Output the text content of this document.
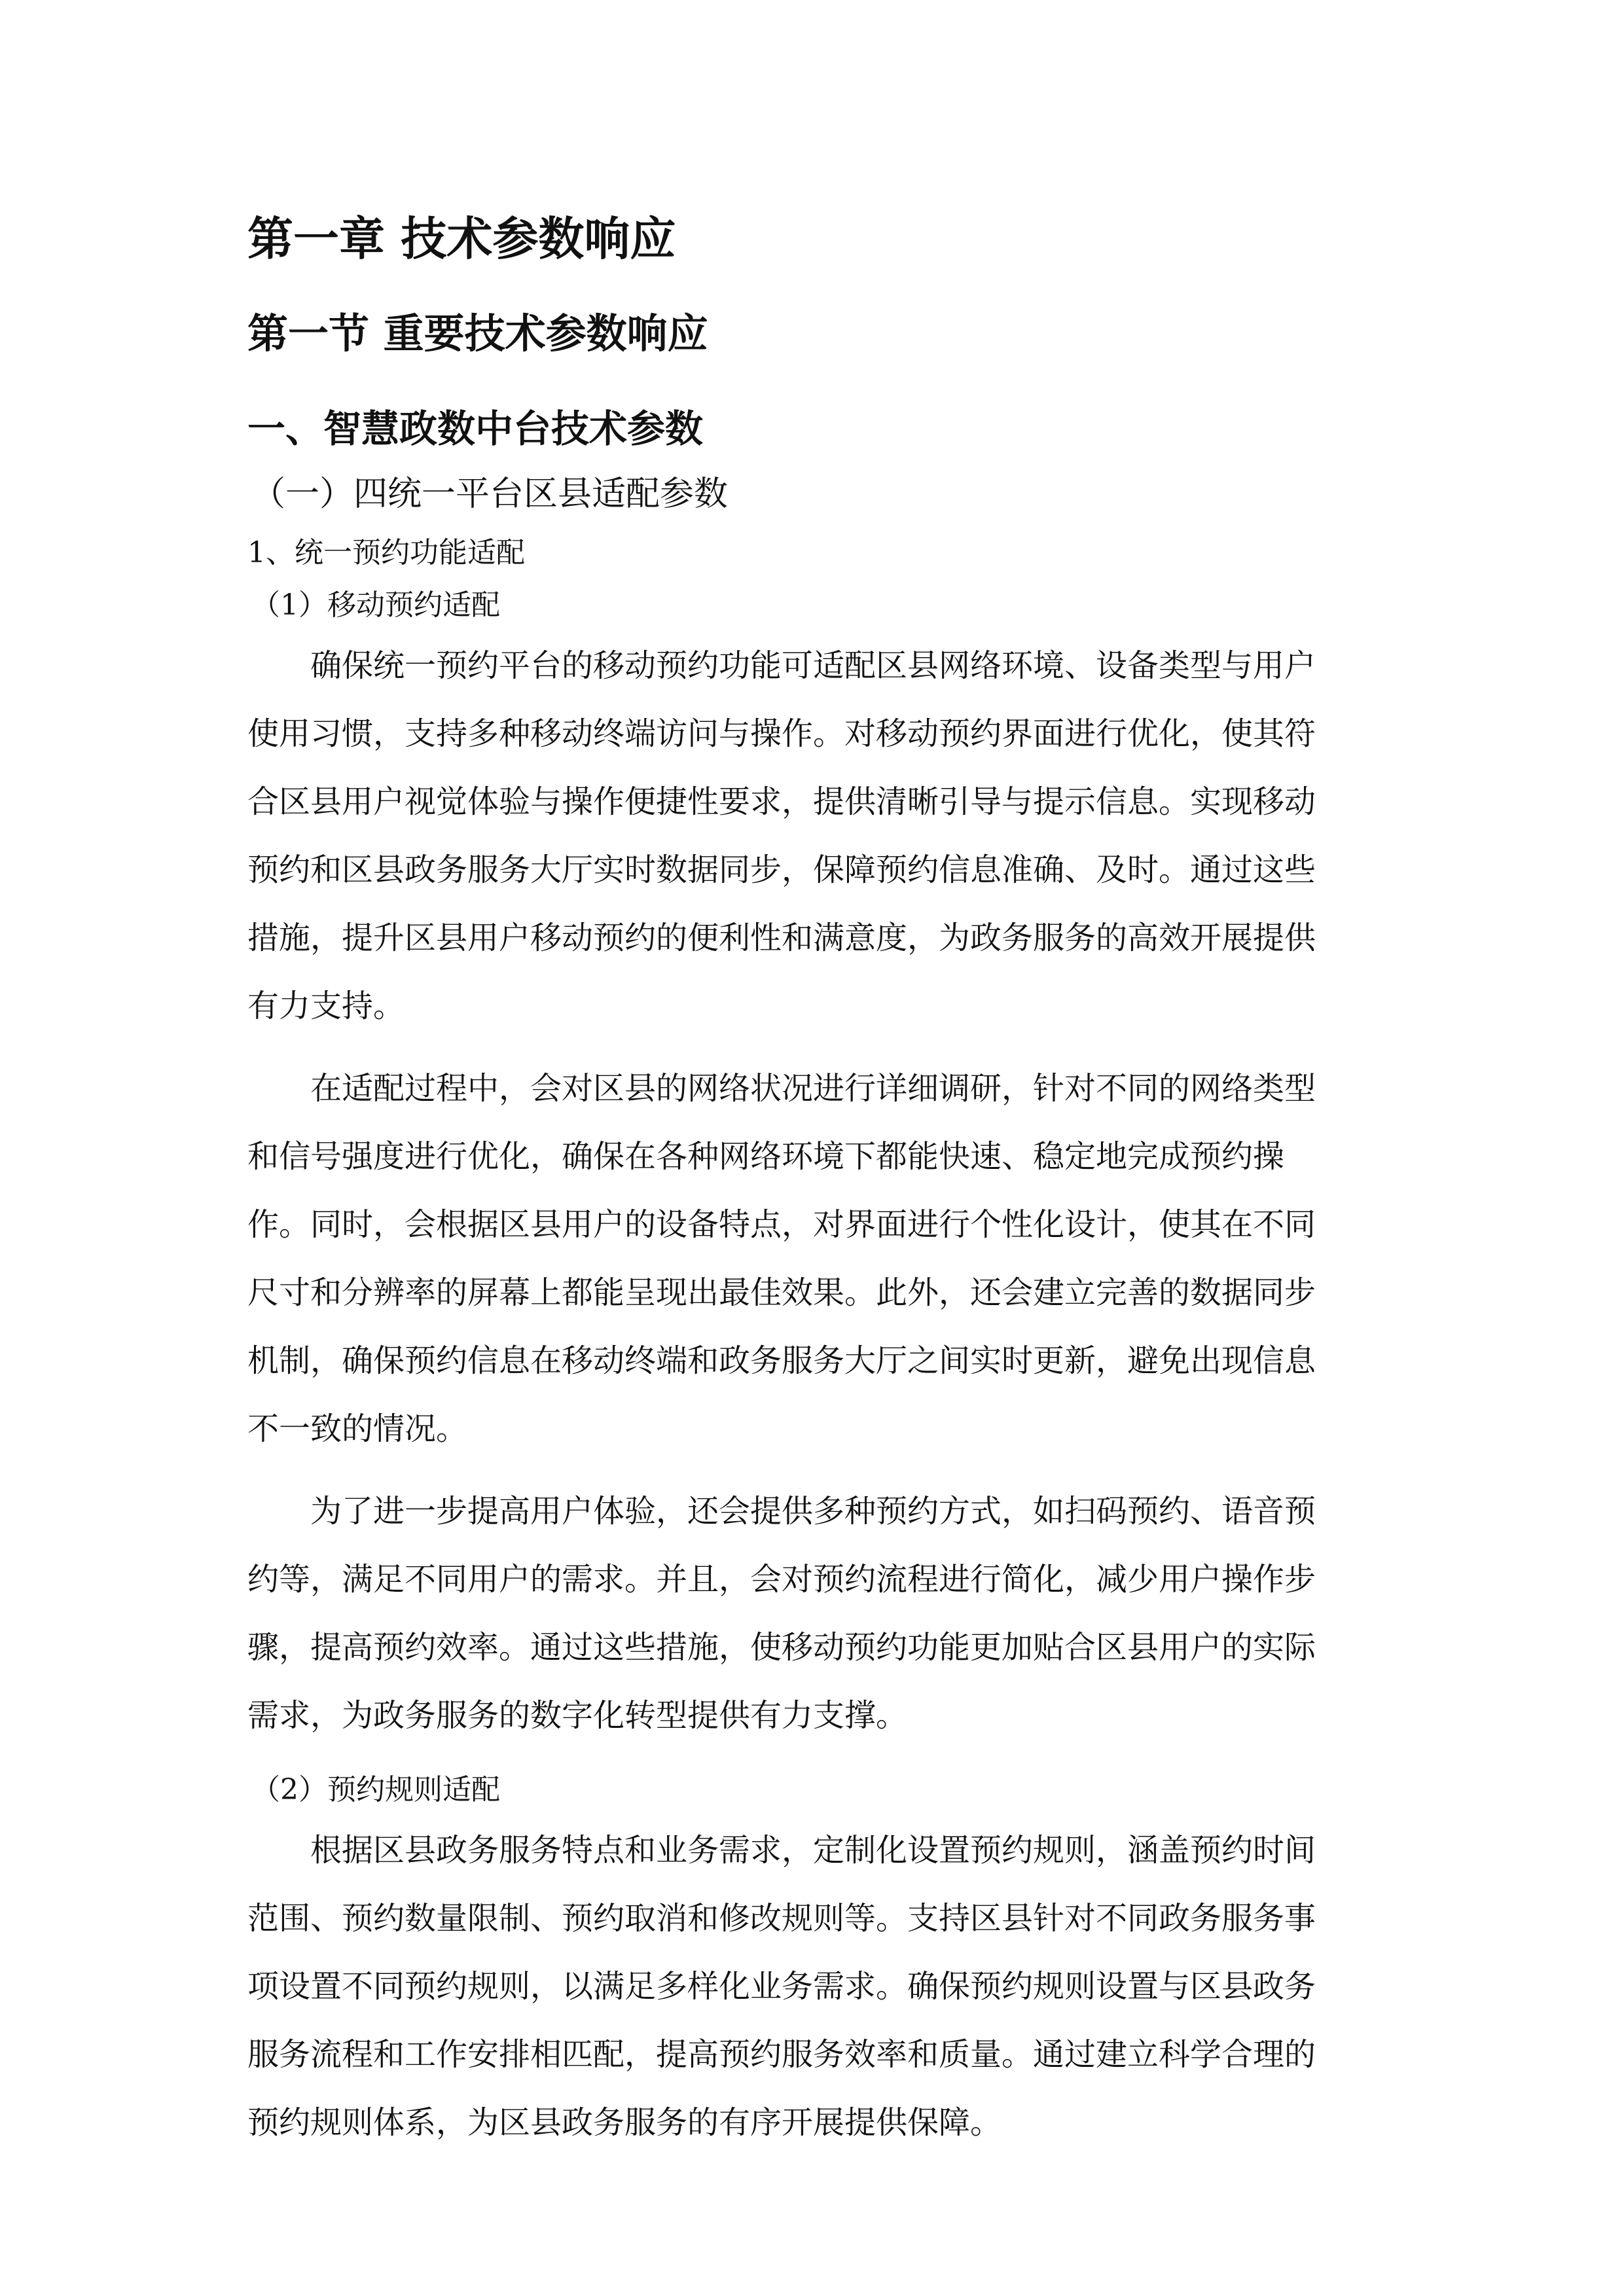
第一章 技术参数响应
第一节 重要技术参数响应
一、智慧政数中台技术参数
（一）四统一平台区县适配参数
1、统一预约功能适配
（1）移动预约适配
确保统一预约平台的移动预约功能可适配区县网络环境、设备类型与用户
使用习惯，支持多种移动终端访问与操作。对移动预约界面进行优化，使其符
合区县用户视觉体验与操作便捷性要求，提供清晰引导与提示信息。实现移动
预约和区县政务服务大厅实时数据同步，保障预约信息准确、及时。通过这些
措施，提升区县用户移动预约的便利性和满意度，为政务服务的高效开展提供
有力支持。
在适配过程中，会对区县的网络状况进行详细调研，针对不同的网络类型
和信号强度进行优化，确保在各种网络环境下都能快速、稳定地完成预约操
作。同时，会根据区县用户的设备特点，对界面进行个性化设计，使其在不同
尺寸和分辨率的屏幕上都能呈现出最佳效果。此外，还会建立完善的数据同步
机制，确保预约信息在移动终端和政务服务大厅之间实时更新，避免出现信息
不一致的情况。
为了进一步提高用户体验，还会提供多种预约方式，如扫码预约、语音预
约等，满足不同用户的需求。并且，会对预约流程进行简化，减少用户操作步
骤，提高预约效率。通过这些措施，使移动预约功能更加贴合区县用户的实际
需求，为政务服务的数字化转型提供有力支撑。
（2）预约规则适配
根据区县政务服务特点和业务需求，定制化设置预约规则，涵盖预约时间
范围、预约数量限制、预约取消和修改规则等。支持区县针对不同政务服务事
项设置不同预约规则，以满足多样化业务需求。确保预约规则设置与区县政务
服务流程和工作安排相匹配，提高预约服务效率和质量。通过建立科学合理的
预约规则体系，为区县政务服务的有序开展提供保障。
